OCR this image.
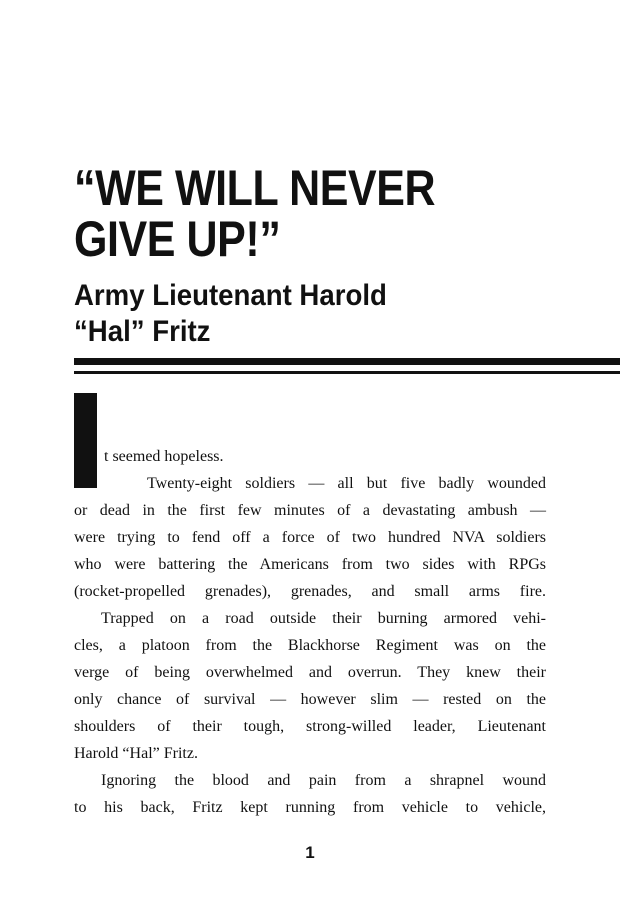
“WE WILL NEVER
GIVE UP!”
Army Lieutenant Harold
“Hal” Fritz
t seemed hopeless.
Twenty-eight soldiers — all but five badly wounded
or dead in the first few minutes of a devastating ambush —
were trying to fend off a force of two hundred NVA soldiers
who were battering the Americans from two sides with RPGs
(rocket-propelled grenades), grenades, and small arms fire.
Trapped on a road outside their burning armored vehi-
cles, a platoon from the Blackhorse Regiment was on the
verge of being overwhelmed and overrun. They knew their
only chance of survival — however slim — rested on the
shoulders of their tough, strong-willed leader, Lieutenant
Harold “Hal” Fritz.
Ignoring the blood and pain from a shrapnel wound
to his back, Fritz kept running from vehicle to vehicle,
1
